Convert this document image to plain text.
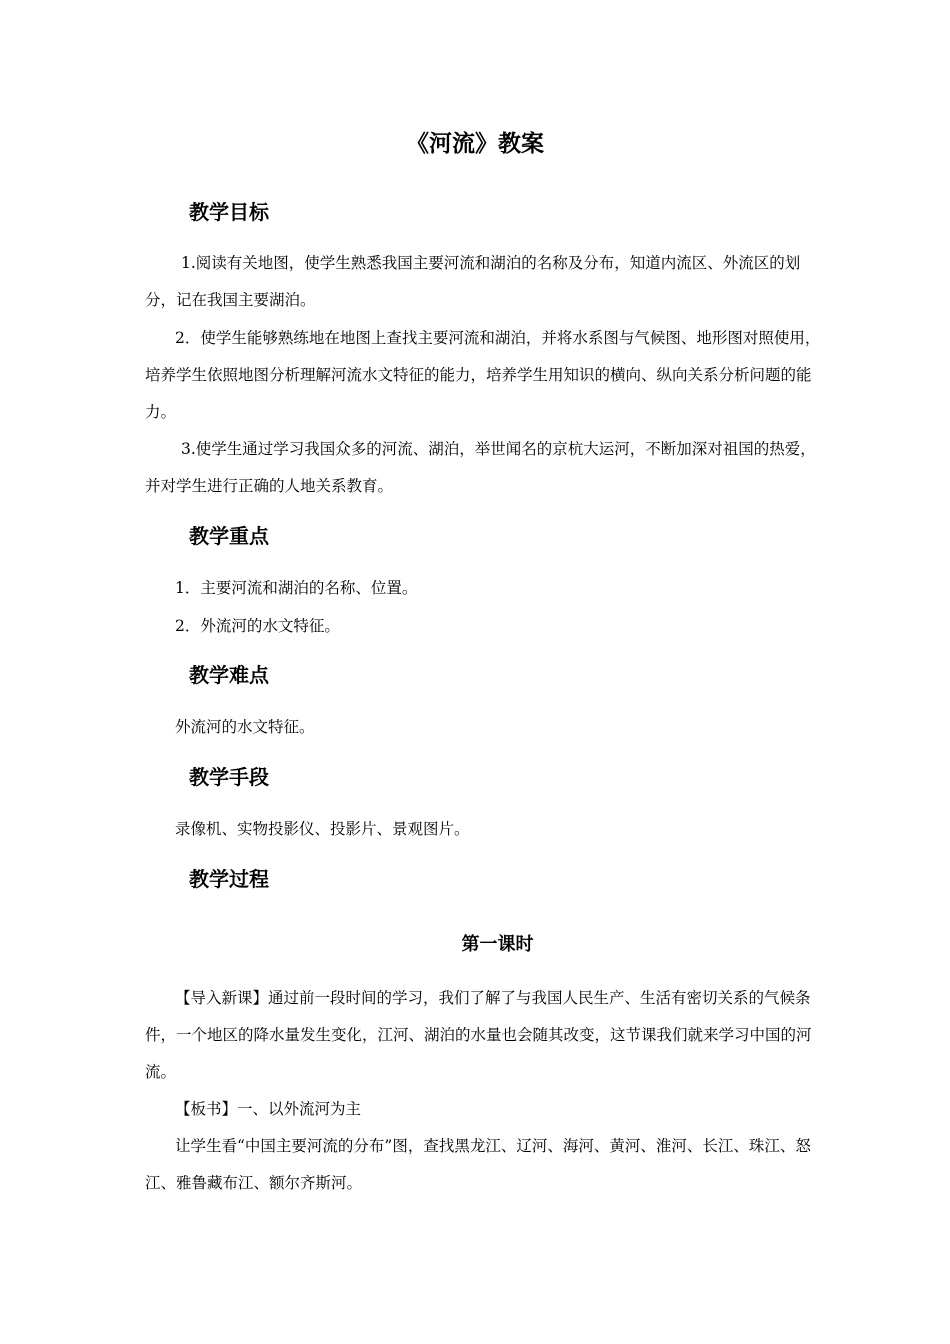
《河流》教案
教学目标

1.阅读有关地图，使学生熟悉我国主要河流和湖泊的名称及分布，知道内流区、外流区的划分，记在我国主要湖泊。

2．使学生能够熟练地在地图上查找主要河流和湖泊，并将水系图与气候图、地形图对照使用，培养学生依照地图分析理解河流水文特征的能力，培养学生用知识的横向、纵向关系分析问题的能力。

3.使学生通过学习我国众多的河流、湖泊，举世闻名的京杭大运河，不断加深对祖国的热爱，并对学生进行正确的人地关系教育。

教学重点

1．主要河流和湖泊的名称、位置。

2．外流河的水文特征。

教学难点

外流河的水文特征。

教学手段

录像机、实物投影仪、投影片、景观图片。

教学过程
第一课时

【导入新课】通过前一段时间的学习，我们了解了与我国人民生产、生活有密切关系的气候条件，一个地区的降水量发生变化，江河、湖泊的水量也会随其改变，这节课我们就来学习中国的河流。

【板书】一、以外流河为主

让学生看“中国主要河流的分布”图，查找黑龙江、辽河、海河、黄河、淮河、长江、珠江、怒江、雅鲁藏布江、额尔齐斯河。
